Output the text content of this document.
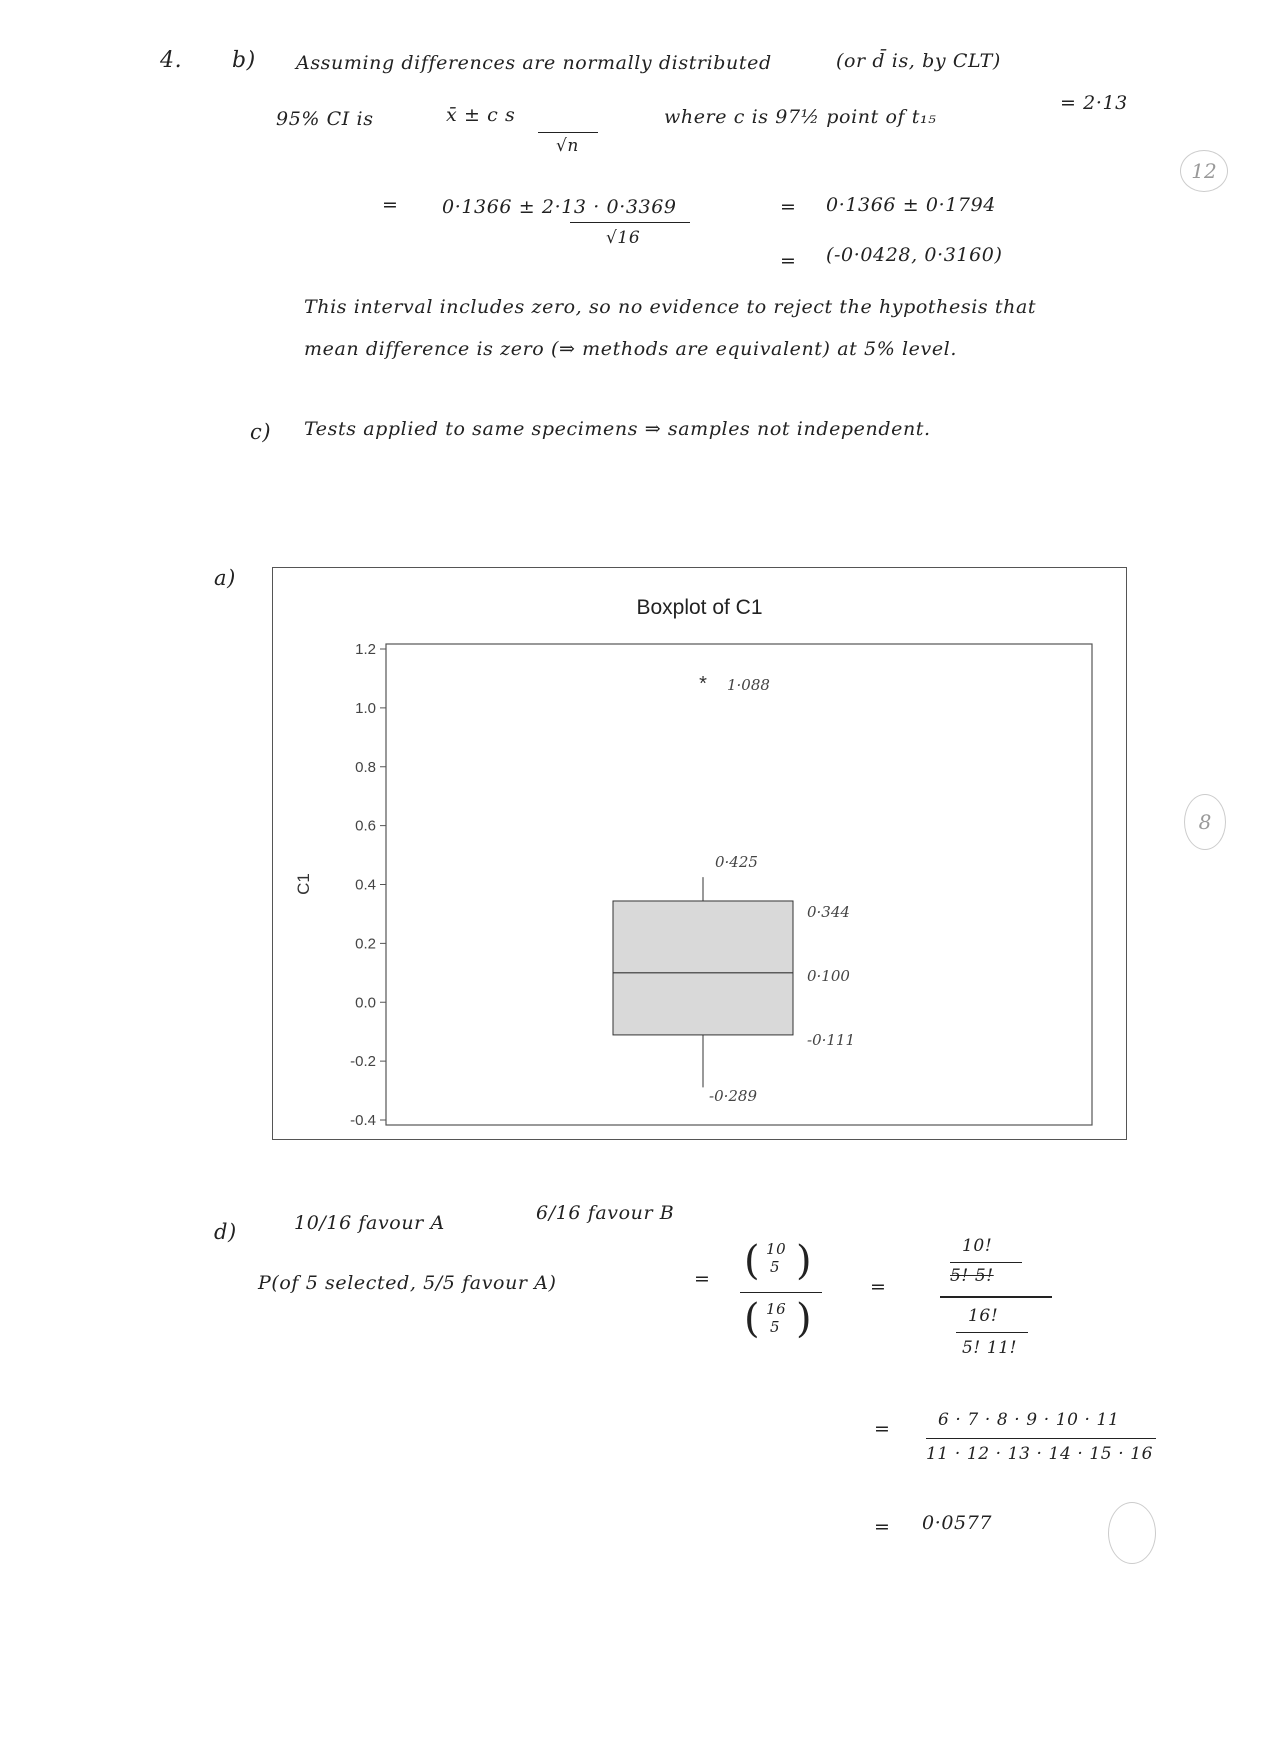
4. b) Assuming differences are normally distributed	(or d̄ is, by CLT)
95% CI is	x̄ ± c s
√n
where c is 97½ point of t₁₅
= 2·13
= 0·1366 ± 2·13 · 0·3369
√16
= 0·1366 ± 0·1794
= (-0·0428, 0·3160)
This interval includes zero, so no evidence to reject the hypothesis that
mean difference is zero (⇒ methods are equivalent) at 5% level.
12
c) Tests applied to same specimens ⇒ samples not independent.
a)
8
Boxplot of C1
C1
-0.4
-0.2
0.0
0.2
0.4
0.6
0.8
1.0
1.2
* 1·088
0·425
0·344
0·100
-0·111
-0·289
d)	10/16 favour A	6/16 favour B
P(of 5 selected, 5/5 favour A)	= ( 10
5 )
( 16
5 )
=
10!
5! 5!
16!
5! 11!
=	6 · 7 · 8 · 9 · 10 · 11
11 · 12 · 13 · 14 · 15 · 16
= 0·0577
